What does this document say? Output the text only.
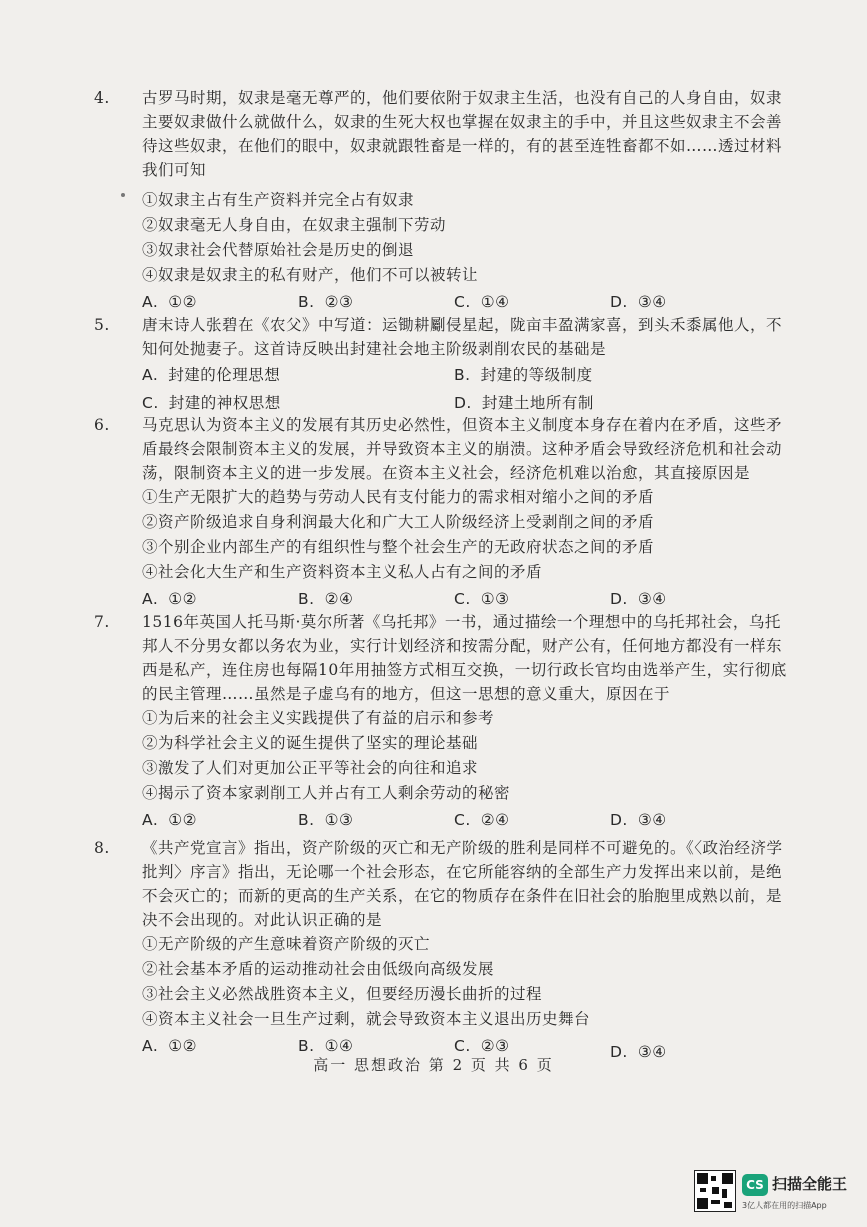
4. 古罗马时期，奴隶是毫无尊严的，他们要依附于奴隶主生活，也没有自己的人身自由，奴隶主要奴隶做什么就做什么，奴隶的生死大权也掌握在奴隶主的手中，并且这些奴隶主不会善待这些奴隶，在他们的眼中，奴隶就跟牲畜是一样的，有的甚至连牲畜都不如……透过材料我们可知
①奴隶主占有生产资料并完全占有奴隶
②奴隶毫无人身自由，在奴隶主强制下劳动
③奴隶社会代替原始社会是历史的倒退
④奴隶是奴隶主的私有财产，他们不可以被转让
A. ①②	B. ②③	C. ①④	D. ③④
5. 唐末诗人张碧在《农父》中写道：运锄耕劚侵星起，陇亩丰盈满家喜，到头禾黍属他人，不知何处抛妻子。这首诗反映出封建社会地主阶级剥削农民的基础是
A. 封建的伦理思想	B. 封建的等级制度
C. 封建的神权思想	D. 封建土地所有制
6. 马克思认为资本主义的发展有其历史必然性，但资本主义制度本身存在着内在矛盾，这些矛盾最终会限制资本主义的发展，并导致资本主义的崩溃。这种矛盾会导致经济危机和社会动荡，限制资本主义的进一步发展。在资本主义社会，经济危机难以治愈，其直接原因是
①生产无限扩大的趋势与劳动人民有支付能力的需求相对缩小之间的矛盾
②资产阶级追求自身利润最大化和广大工人阶级经济上受剥削之间的矛盾
③个别企业内部生产的有组织性与整个社会生产的无政府状态之间的矛盾
④社会化大生产和生产资料资本主义私人占有之间的矛盾
A. ①②	B. ②④	C. ①③	D. ③④
7. 1516年英国人托马斯·莫尔所著《乌托邦》一书，通过描绘一个理想中的乌托邦社会，乌托邦人不分男女都以务农为业，实行计划经济和按需分配，财产公有，任何地方都没有一样东西是私产，连住房也每隔10年用抽签方式相互交换，一切行政长官均由选举产生，实行彻底的民主管理……虽然是子虚乌有的地方，但这一思想的意义重大，原因在于
①为后来的社会主义实践提供了有益的启示和参考
②为科学社会主义的诞生提供了坚实的理论基础
③激发了人们对更加公正平等社会的向往和追求
④揭示了资本家剥削工人并占有工人剩余劳动的秘密
A. ①②	B. ①③	C. ②④	D. ③④
8. 《共产党宣言》指出，资产阶级的灭亡和无产阶级的胜利是同样不可避免的。《〈政治经济学批判〉序言》指出，无论哪一个社会形态，在它所能容纳的全部生产力发挥出来以前，是绝不会灭亡的；而新的更高的生产关系，在它的物质存在条件在旧社会的胎胞里成熟以前，是决不会出现的。对此认识正确的是
①无产阶级的产生意味着资产阶级的灭亡
②社会基本矛盾的运动推动社会由低级向高级发展
③社会主义必然战胜资本主义，但要经历漫长曲折的过程
④资本主义社会一旦生产过剩，就会导致资本主义退出历史舞台
A. ①②	B. ①④	C. ②③	D. ③④
高一 思想政治 第 2 页 共 6 页
CS 扫描全能王
3亿人都在用的扫描App
